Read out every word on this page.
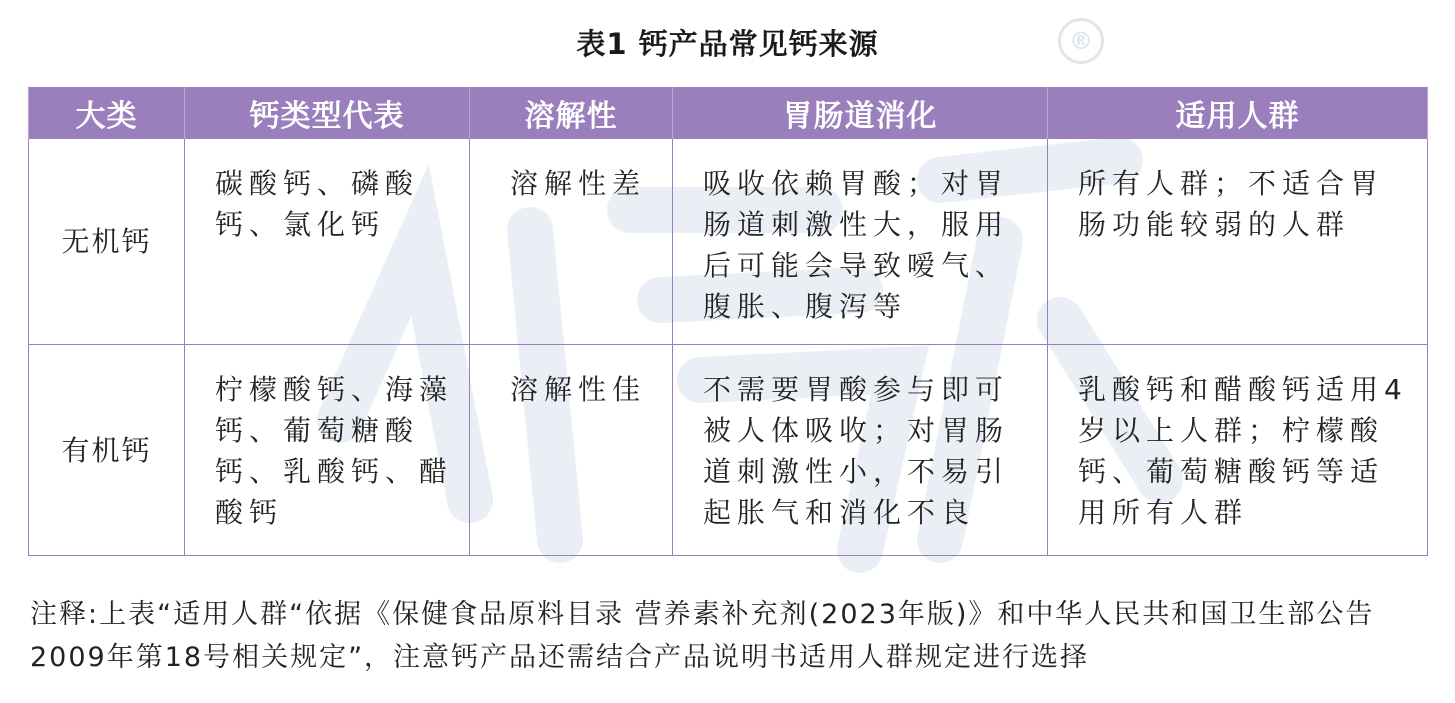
表1 钙产品常见钙来源	®
大类	钙类型代表	溶解性	胃肠道消化	适用人群
无机钙	碳酸钙、磷酸钙、氯化钙	溶解性差	吸收依赖胃酸；对胃肠道刺激性大，服用后可能会导致嗳气、腹胀、腹泻等	所有人群；不适合胃肠功能较弱的人群
有机钙	柠檬酸钙、海藻钙、葡萄糖酸钙、乳酸钙、醋酸钙	溶解性佳	不需要胃酸参与即可被人体吸收；对胃肠道刺激性小，不易引起胀气和消化不良	乳酸钙和醋酸钙适用4岁以上人群；柠檬酸钙、葡萄糖酸钙等适用所有人群
注释:上表“适用人群“依据《保健食品原料目录 营养素补充剂(2023年版)》和中华人民共和国卫生部公告2009年第18号相关规定”，注意钙产品还需结合产品说明书适用人群规定进行选择
